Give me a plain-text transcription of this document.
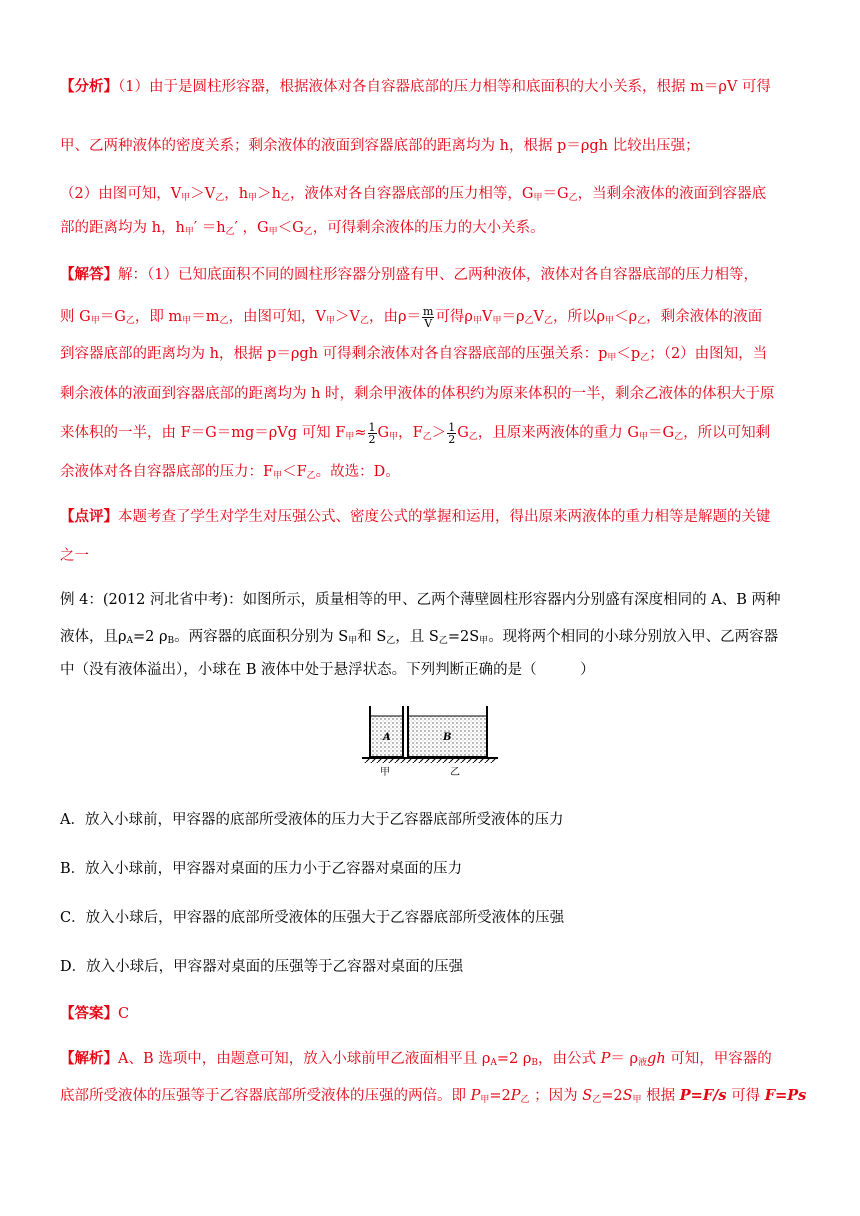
【分析】（1）由于是圆柱形容器，根据液体对各自容器底部的压力相等和底面积的大小关系，根据 m＝ρV 可得

甲、乙两种液体的密度关系；剩余液体的液面到容器底部的距离均为 h，根据 p＝ρgh 比较出压强；

（2）由图可知，$V_甲>V_乙$，$h_甲>h_乙$，液体对各自容器底部的压力相等，$G_甲=G_乙$，当剩余液体的液面到容器底

部的距离均为 h，$h_甲' =h_乙'$ ，$G_甲<G_乙$，可得剩余液体的压力的大小关系。

【解答】解：（1）已知底面积不同的圆柱形容器分别盛有甲、乙两种液体，液体对各自容器底部的压力相等，

则 $G_甲=G_乙$，即 $m_甲=m_乙$，由图可知，$V_甲>V_乙$，由$\rho= \frac{m}{V}$ 可得$\rho_甲V_甲=\rho_乙V_乙$，所以$\rho_甲<\rho_乙$，剩余液体的液面

到容器底部的距离均为 h，根据 p＝ρgh 可得剩余液体对各自容器底部的压强关系：$p_甲<p_乙$；（2）由图知，当

剩余液体的液面到容器底部的距离均为 h 时，剩余甲液体的体积约为原来体积的一半，剩余乙液体的体积大于原

来体积的一半，由 F＝G＝mg＝ρVg 可知 $F_甲\approx \frac{1}{2} G_甲$，$F_乙> \frac{1}{2} G_乙$，且原来两液体的重力 $G_甲=G_乙$，所以可知剩

余液体对各自容器底部的压力：$F_甲<F_乙$。故选：D。

【点评】本题考查了学生对学生对压强公式、密度公式的掌握和运用，得出原来两液体的重力相等是解题的关键

之一

例 4：(2012 河北省中考)：如图所示，质量相等的甲、乙两个薄壁圆柱形容器内分别盛有深度相同的 A、B 两种

液体，且$\rho_A=2$ $\rho_B$。两容器的底面积分别为 $S_甲$和 $S_乙$，且 $S_乙=2S_甲$。现将两个相同的小球分别放入甲、乙两容器

中（没有液体溢出），小球在 B 液体中处于悬浮状态。下列判断正确的是（　　　）

A	B
甲	乙
A．放入小球前，甲容器的底部所受液体的压力大于乙容器底部所受液体的压力
B．放入小球前，甲容器对桌面的压力小于乙容器对桌面的压力
C．放入小球后，甲容器的底部所受液体的压强大于乙容器底部所受液体的压强
D．放入小球后，甲容器对桌面的压强等于乙容器对桌面的压强
【答案】C

【解析】A、B 选项中，由题意可知，放入小球前甲乙液面相平且 $\rho_A=2$ $\rho_B$，由公式 $P= \rho_液gh$ 可知，甲容器的

底部所受液体的压强等于乙容器底部所受液体的压强的两倍。即 $P_甲=2P_乙$ ；因为 $S_乙=2S_甲$ 根据 P=F/s 可得 F=Ps
